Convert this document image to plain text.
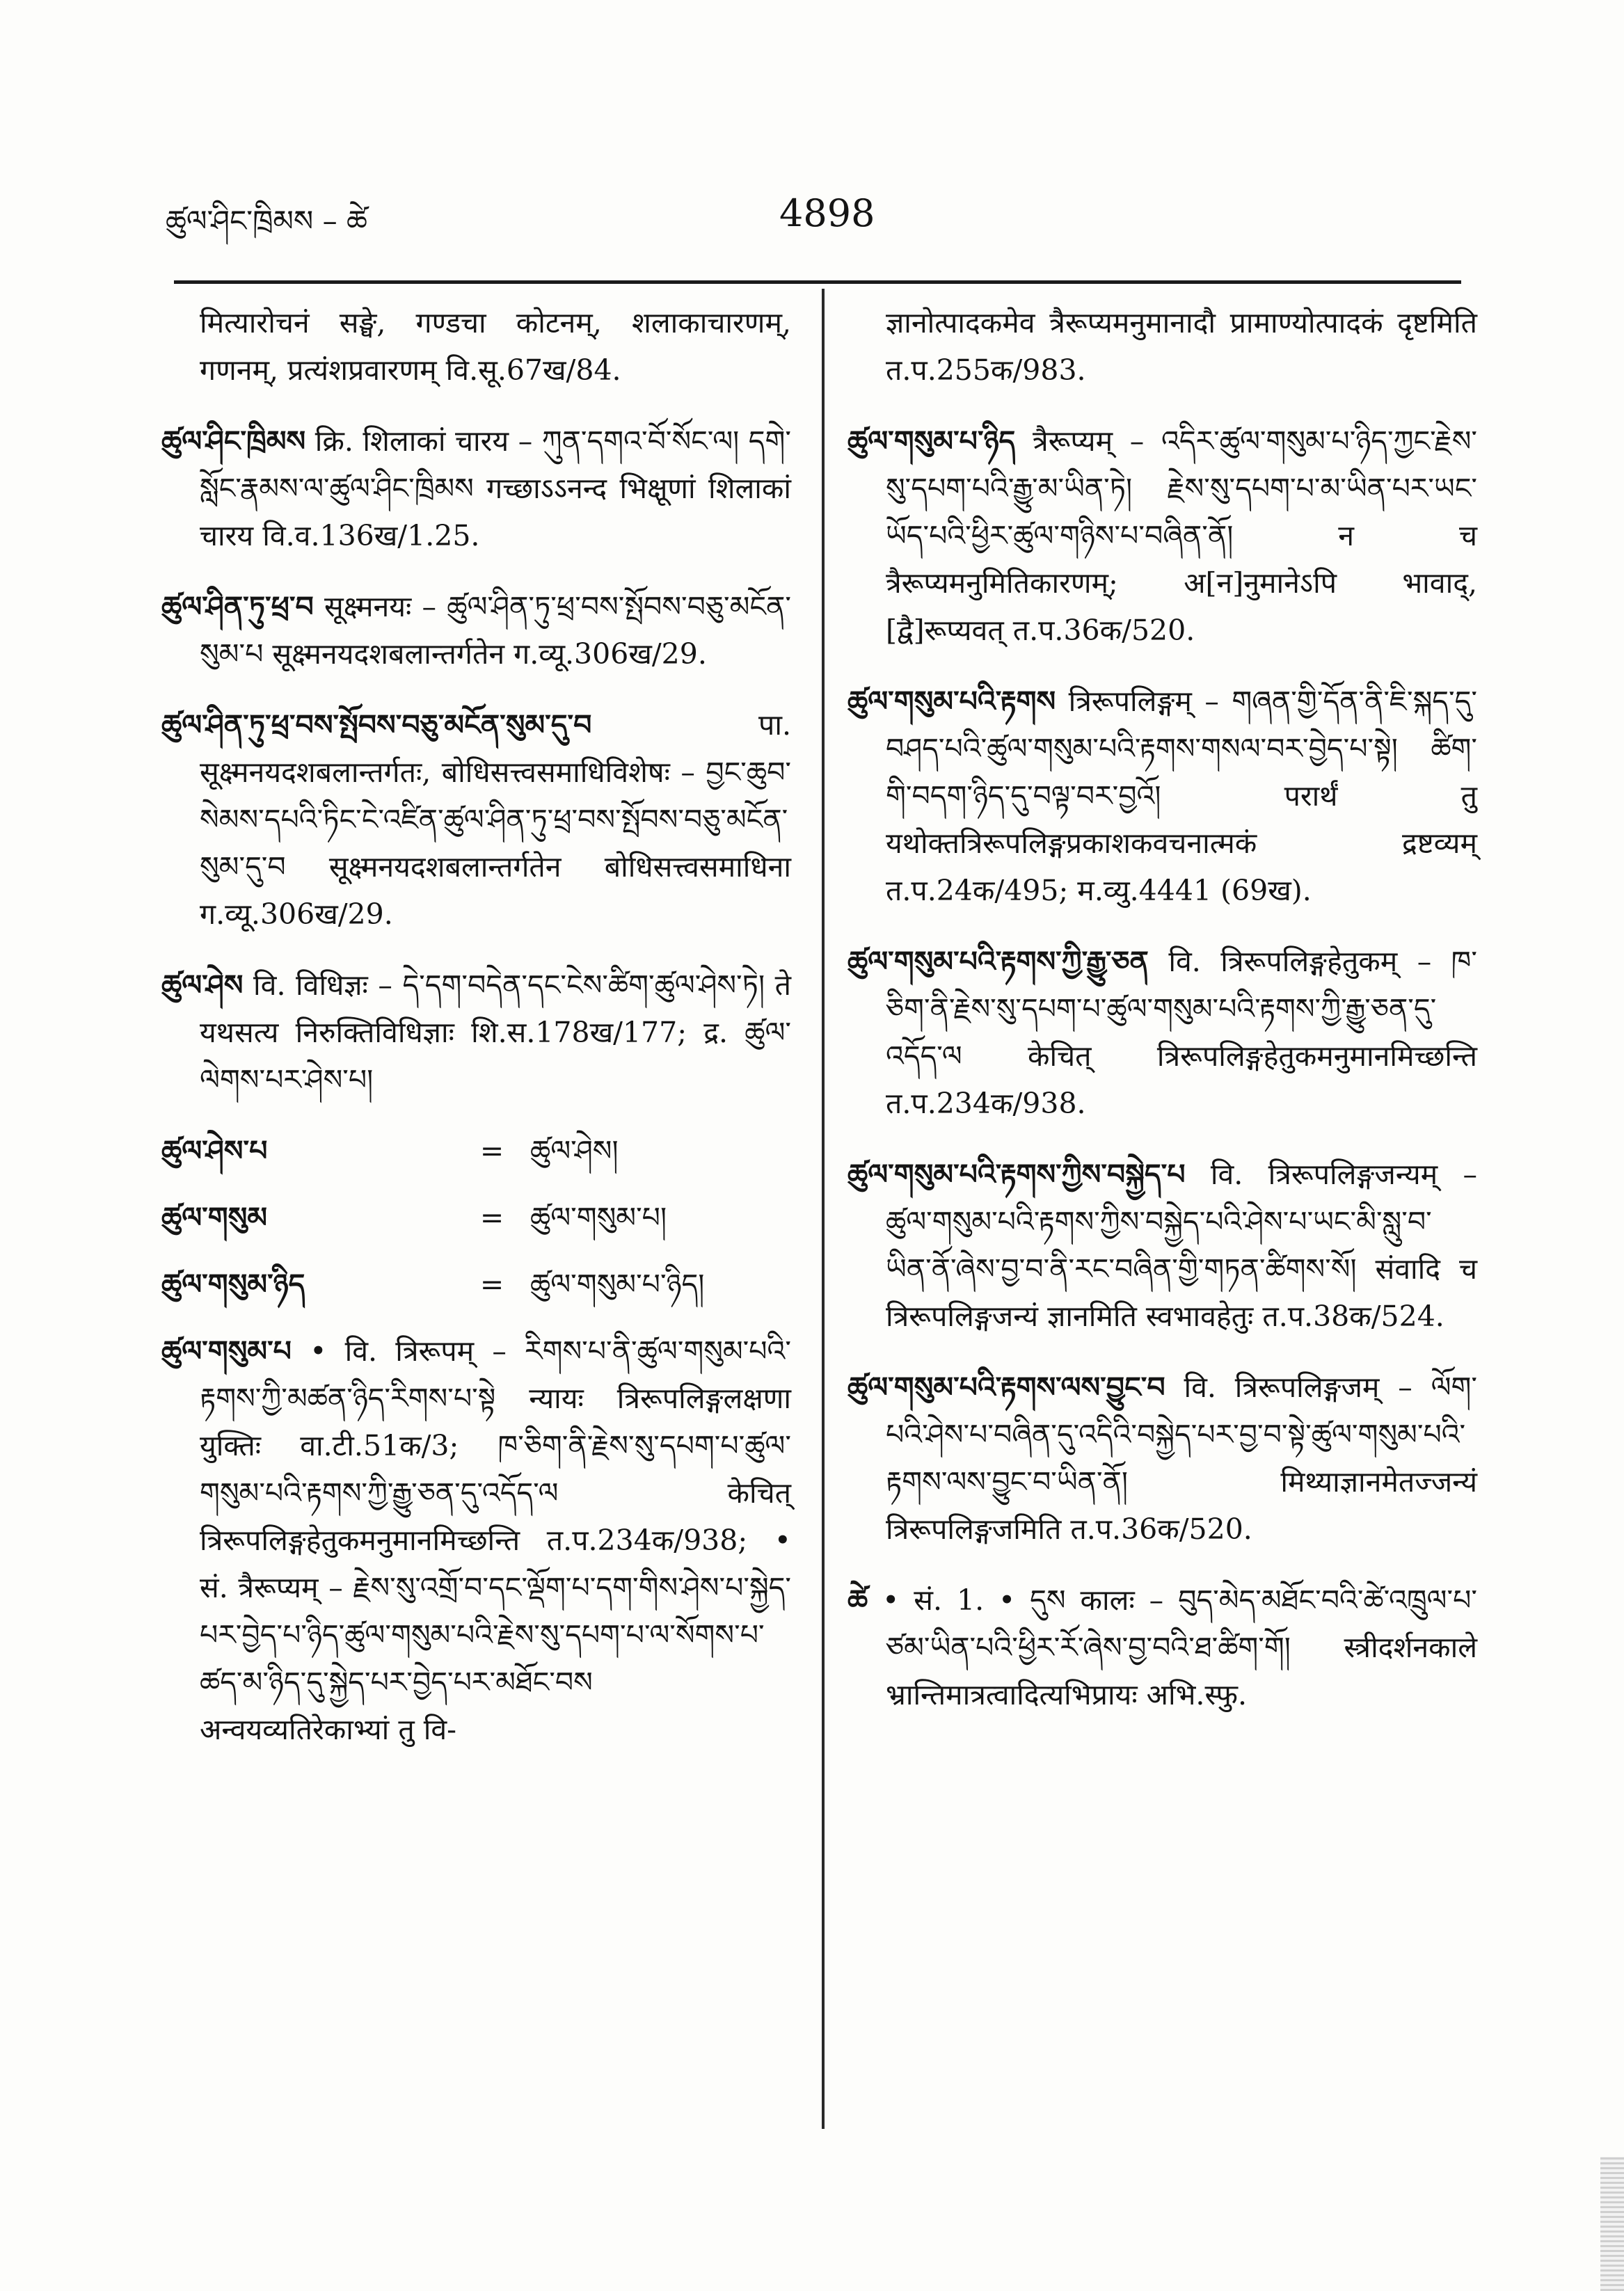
ཚུལ་ཤིང་ཁྲིམས – ཚེ	4898
मित्यारोचनं सङ्घे, गण्डचा कोटनम्, शलाकाचारणम्, गणनम्, प्रत्यंशप्रवारणम् वि.सू.67ख/84.
ཚུལ་ཤིང་ཁྲིམས क्रि. शिलाकां चारय – ཀུན་དགའ་བོ་སོང་ལ། དགེ་སློང་རྣམས་ལ་ཚུལ་ཤིང་ཁྲིམས गच्छाऽऽनन्द भिक्षूणां शिलाकां चारय वि.व.136ख/1.25.
ཚུལ་ཤིན་ཏུ་ཕྲ་བ सूक्ष्मनयः – ཚུལ་ཤིན་ཏུ་ཕྲ་བས་སྤོབས་བཅུ་མངོན་སུམ་པ सूक्ष्मनयदशबलान्तर्गतेन ग.व्यू.306ख/29.
ཚུལ་ཤིན་ཏུ་ཕྲ་བས་སྤོབས་བཅུ་མངོན་སུམ་དུ་བ	पा. सूक्ष्मनयदशबलान्तर्गतः, बोधिसत्त्वसमाधिविशेषः – བྱང་ཆུབ་སེམས་དཔའི་ཏིང་ངེ་འཛིན་ཚུལ་ཤིན་ཏུ་ཕྲ་བས་སྤོབས་བཅུ་མངོན་སུམ་དུ་བ सूक्ष्मनयदशबलान्तर्गतेन बोधिसत्त्वसमाधिना ग.व्यू.306ख/29.
ཚུལ་ཤེས वि. विधिज्ञः – དེ་དག་བདེན་དང་ངེས་ཚིག་ཚུལ་ཤེས་ཏེ། ते यथसत्य निरुक्तिविधिज्ञाः शि.स.178ख/177; द्र. ཚུལ་ལེགས་པར་ཤེས་པ།
ཚུལ་ཤེས་པ	= ཚུལ་ཤེས།
ཚུལ་གསུམ	= ཚུལ་གསུམ་པ།
ཚུལ་གསུམ་ཉིད	= ཚུལ་གསུམ་པ་ཉིད།
ཚུལ་གསུམ་པ • वि. त्रिरूपम् – རིགས་པ་ནི་ཚུལ་གསུམ་པའི་རྟགས་ཀྱི་མཚན་ཉིད་རིགས་པ་སྟེ न्यायः त्रिरूपलिङ्गलक्षणा युक्तिः वा.टी.51क/3; ཁ་ཅིག་ནི་རྗེས་སུ་དཔག་པ་ཚུལ་གསུམ་པའི་རྟགས་ཀྱི་རྒྱུ་ཅན་དུ་འདོད་ལ केचित् त्रिरूपलिङ्गहेतुकमनुमानमिच्छन्ति त.प.234क/938; • सं. त्रैरूप्यम् – རྗེས་སུ་འགྲོ་བ་དང་ལྡོག་པ་དག་གིས་ཤེས་པ་སྐྱེད་པར་བྱེད་པ་ཉིད་ཚུལ་གསུམ་པའི་རྗེས་སུ་དཔག་པ་ལ་སོགས་པ་ཚད་མ་ཉིད་དུ་སྐྱེད་པར་བྱེད་པར་མཐོང་བས अन्वयव्यतिरेकाभ्यां तु वि-
ज्ञानोत्पादकमेव त्रैरूप्यमनुमानादौ प्रामाण्योत्पादकं दृष्टमिति त.प.255क/983.
ཚུལ་གསུམ་པ་ཉིད त्रैरूप्यम् – འདིར་ཚུལ་གསུམ་པ་ཉིད་ཀྱང་རྗེས་སུ་དཔག་པའི་རྒྱུ་མ་ཡིན་ཏེ། རྗེས་སུ་དཔག་པ་མ་ཡིན་པར་ཡང་ཡོད་པའི་ཕྱིར་ཚུལ་གཉིས་པ་བཞིན་ནོ། न च त्रैरूप्यमनुमितिकारणम्; अ[न]नुमानेऽपि भावाद्, [द्वै]रूप्यवत् त.प.36क/520.
ཚུལ་གསུམ་པའི་རྟགས त्रिरूपलिङ्गम् – གཞན་གྱི་དོན་ནི་ཇི་སྐད་དུ་བཤད་པའི་ཚུལ་གསུམ་པའི་རྟགས་གསལ་བར་བྱེད་པ་སྟེ། ཚིག་གི་བདག་ཉིད་དུ་བལྟ་བར་བྱའོ། परार्थं तु यथोक्तत्रिरूपलिङ्गप्रकाशकवचनात्मकं द्रष्टव्यम् त.प.24क/495; म.व्यु.4441 (69ख).
ཚུལ་གསུམ་པའི་རྟགས་ཀྱི་རྒྱུ་ཅན वि. त्रिरूपलिङ्गहेतुकम् – ཁ་ཅིག་ནི་རྗེས་སུ་དཔག་པ་ཚུལ་གསུམ་པའི་རྟགས་ཀྱི་རྒྱུ་ཅན་དུ་འདོད་ལ केचित् त्रिरूपलिङ्गहेतुकमनुमानमिच्छन्ति त.प.234क/938.
ཚུལ་གསུམ་པའི་རྟགས་ཀྱིས་བསྐྱེད་པ वि. त्रिरूपलिङ्गजन्यम् – ཚུལ་གསུམ་པའི་རྟགས་ཀྱིས་བསྐྱེད་པའི་ཤེས་པ་ཡང་མི་སླུ་བ་ཡིན་ནོ་ཞེས་བྱ་བ་ནི་རང་བཞིན་གྱི་གཏན་ཚིགས་སོ། संवादि च त्रिरूपलिङ्गजन्यं ज्ञानमिति स्वभावहेतुः त.प.38क/524.
ཚུལ་གསུམ་པའི་རྟགས་ལས་བྱུང་བ वि. त्रिरूपलिङ्गजम् – ལོག་པའི་ཤེས་པ་བཞིན་དུ་འདིའི་བསྐྱེད་པར་བྱ་བ་སྟེ་ཚུལ་གསུམ་པའི་རྟགས་ལས་བྱུང་བ་ཡིན་ནོ། मिथ्याज्ञानमेतज्जन्यं त्रिरूपलिङ्गजमिति त.प.36क/520.
ཚེ • सं. 1. • དུས कालः – བུད་མེད་མཐོང་བའི་ཚེ་འཁྲུལ་པ་ཙམ་ཡིན་པའི་ཕྱིར་རོ་ཞེས་བྱ་བའི་ཐ་ཚིག་གོ། स्त्रीदर्शनकाले भ्रान्तिमात्रत्वादित्यभिप्रायः अभि.स्फु.
